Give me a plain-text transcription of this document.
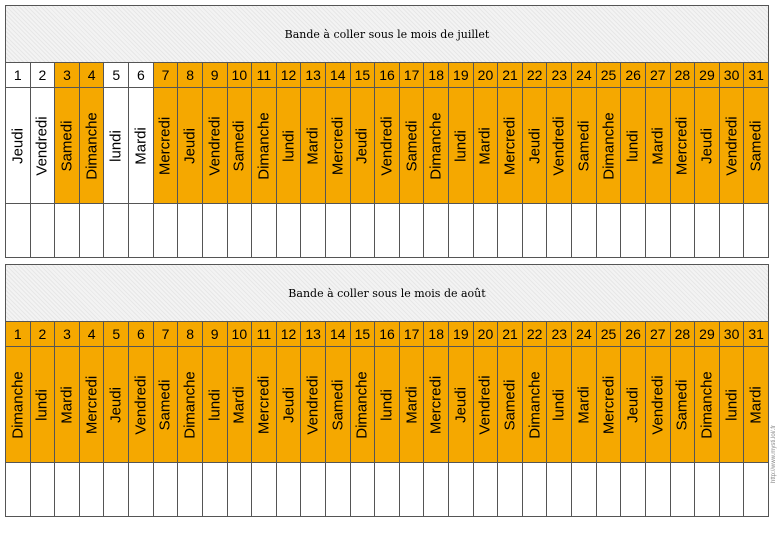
Bande à coller sous le mois de juillet
1	2	3	4	5	6	7	8	9 10 11 12 13 14 15 16 17 18 19 20 21 22 23 24 25 26 27 28 29 30 31
Jeudi Vendredi Samedi Dimanche lundi Mardi Mercredi Jeudi Vendredi Samedi Dimanche lundi Mardi Mercredi Jeudi Vendredi Samedi Dimanche lundi Mardi Mercredi Jeudi Vendredi Samedi Dimanche lundi Mardi Mercredi Jeudi Vendredi Samedi
Bande à coller sous le mois de août
1	2	3	4	5	6	7	8	9 10 11 12 13 14 15 16 17 18 19 20 21 22 23 24 25 26 27 28 29 30 31
Dimanche lundi Mardi Mercredi Jeudi Vendredi Samedi Dimanche lundi Mardi Mercredi Jeudi Vendredi Samedi Dimanche lundi Mardi Mercredi Jeudi Vendredi Samedi Dimanche lundi Mardi Mercredi Jeudi Vendredi Samedi Dimanche lundi Mardi
http://www.mysti.lol/.fr
